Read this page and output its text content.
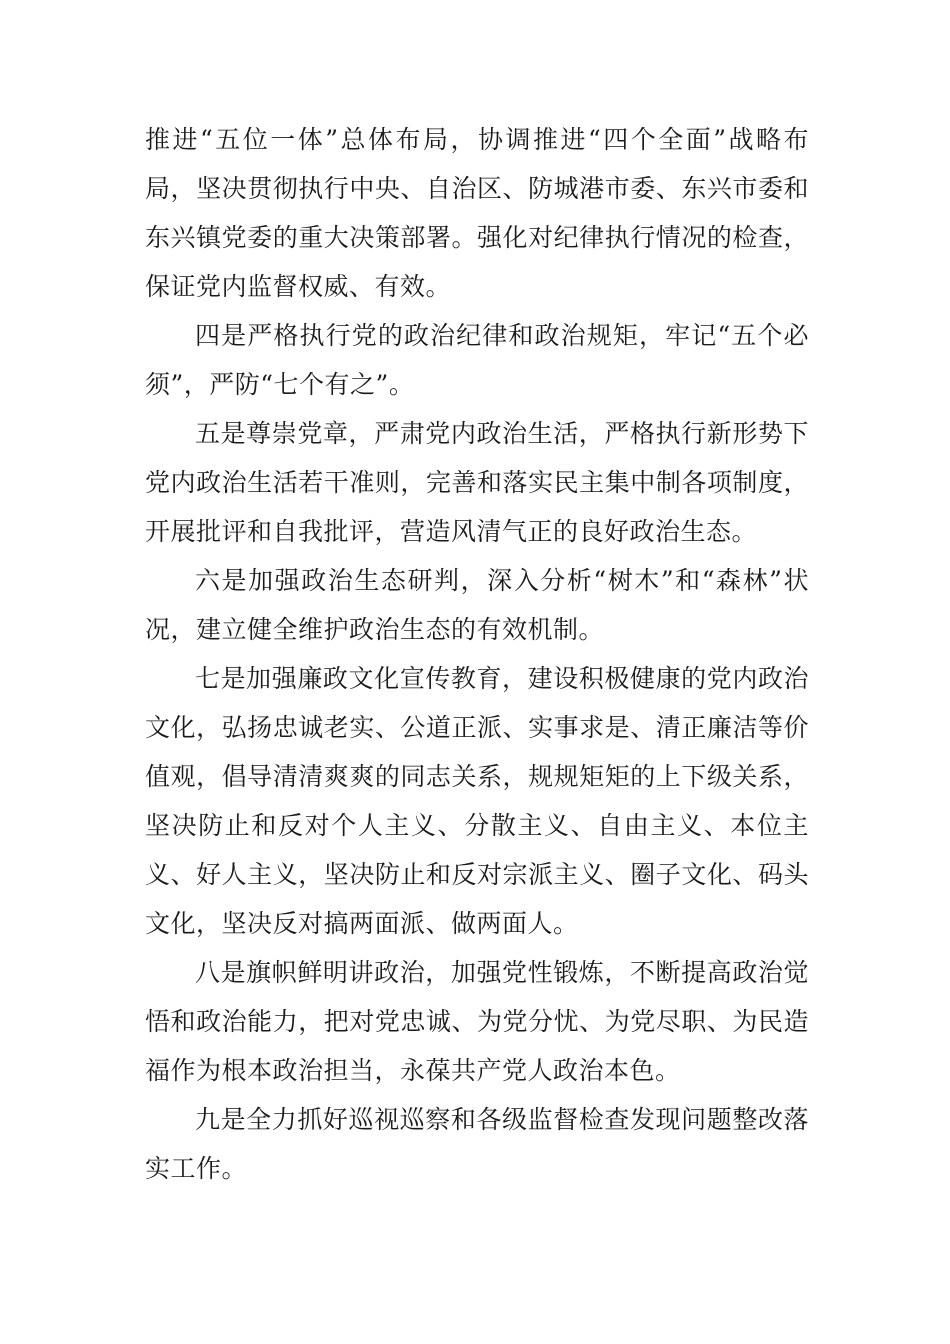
推进“五位一体”总体布局，协调推进“四个全面”战略布局，坚决贯彻执行中央、自治区、防城港市委、东兴市委和东兴镇党委的重大决策部署。强化对纪律执行情况的检查，保证党内监督权威、有效。

四是严格执行党的政治纪律和政治规矩，牢记“五个必须”，严防“七个有之”。

五是尊崇党章，严肃党内政治生活，严格执行新形势下党内政治生活若干准则，完善和落实民主集中制各项制度，开展批评和自我批评，营造风清气正的良好政治生态。

六是加强政治生态研判，深入分析“树木”和“森林”状况，建立健全维护政治生态的有效机制。

七是加强廉政文化宣传教育，建设积极健康的党内政治文化，弘扬忠诚老实、公道正派、实事求是、清正廉洁等价值观，倡导清清爽爽的同志关系，规规矩矩的上下级关系，坚决防止和反对个人主义、分散主义、自由主义、本位主义、好人主义，坚决防止和反对宗派主义、圈子文化、码头文化，坚决反对搞两面派、做两面人。

八是旗帜鲜明讲政治，加强党性锻炼，不断提高政治觉悟和政治能力，把对党忠诚、为党分忧、为党尽职、为民造福作为根本政治担当，永葆共产党人政治本色。

九是全力抓好巡视巡察和各级监督检查发现问题整改落实工作。
